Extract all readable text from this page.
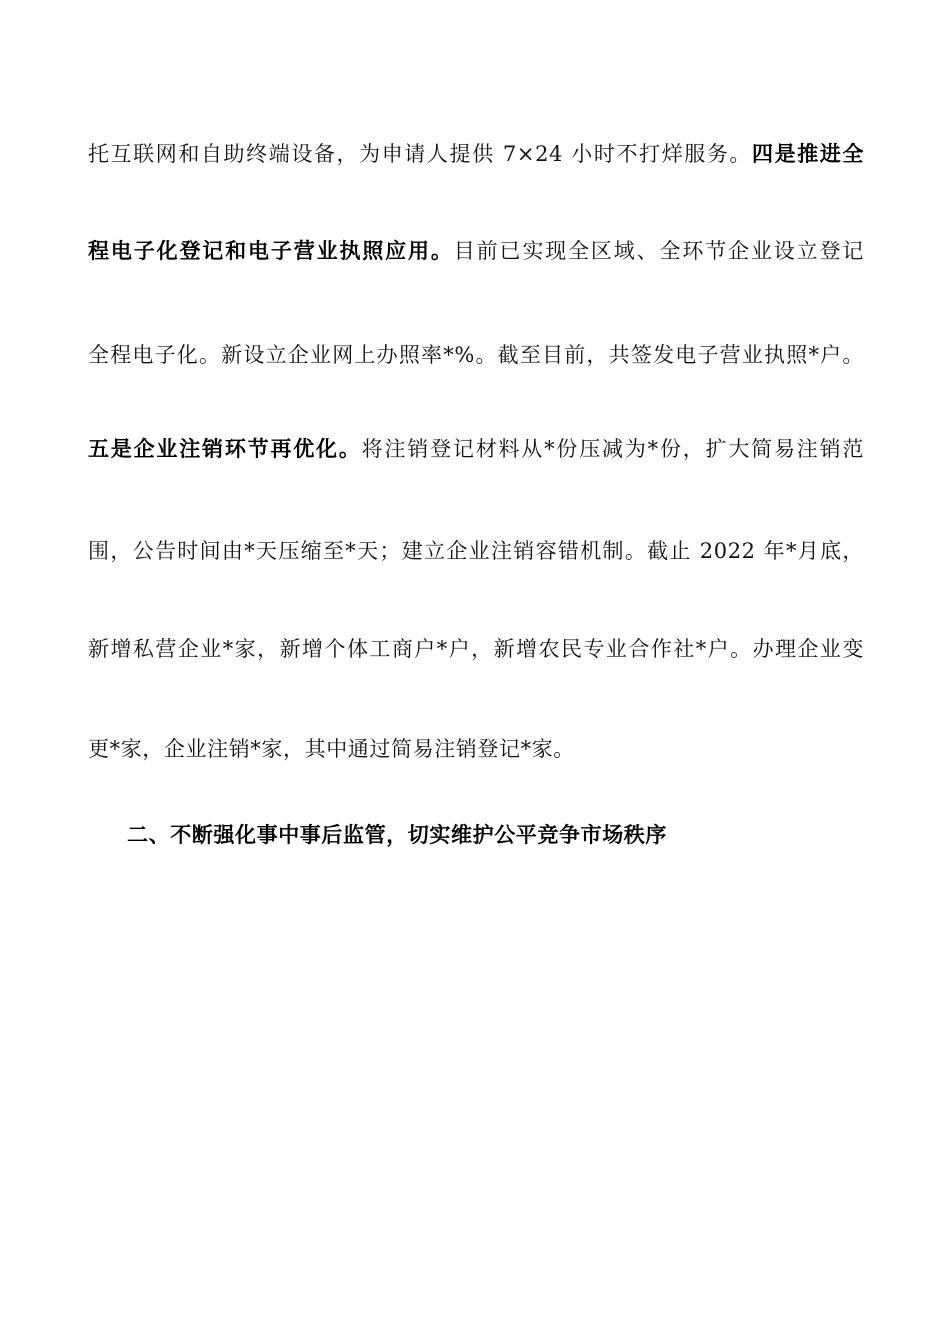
托互联网和自助终端设备，为申请人提供 7×24 小时不打烊服务。四是推进全
程电子化登记和电子营业执照应用。目前已实现全区域、全环节企业设立登记
全程电子化。新设立企业网上办照率*%。截至目前，共签发电子营业执照*户。
五是企业注销环节再优化。将注销登记材料从*份压减为*份，扩大简易注销范
围，公告时间由*天压缩至*天；建立企业注销容错机制。截止 2022 年*月底，
新增私营企业*家，新增个体工商户*户，新增农民专业合作社*户。办理企业变
更*家，企业注销*家，其中通过简易注销登记*家。
二、不断强化事中事后监管，切实维护公平竞争市场秩序
